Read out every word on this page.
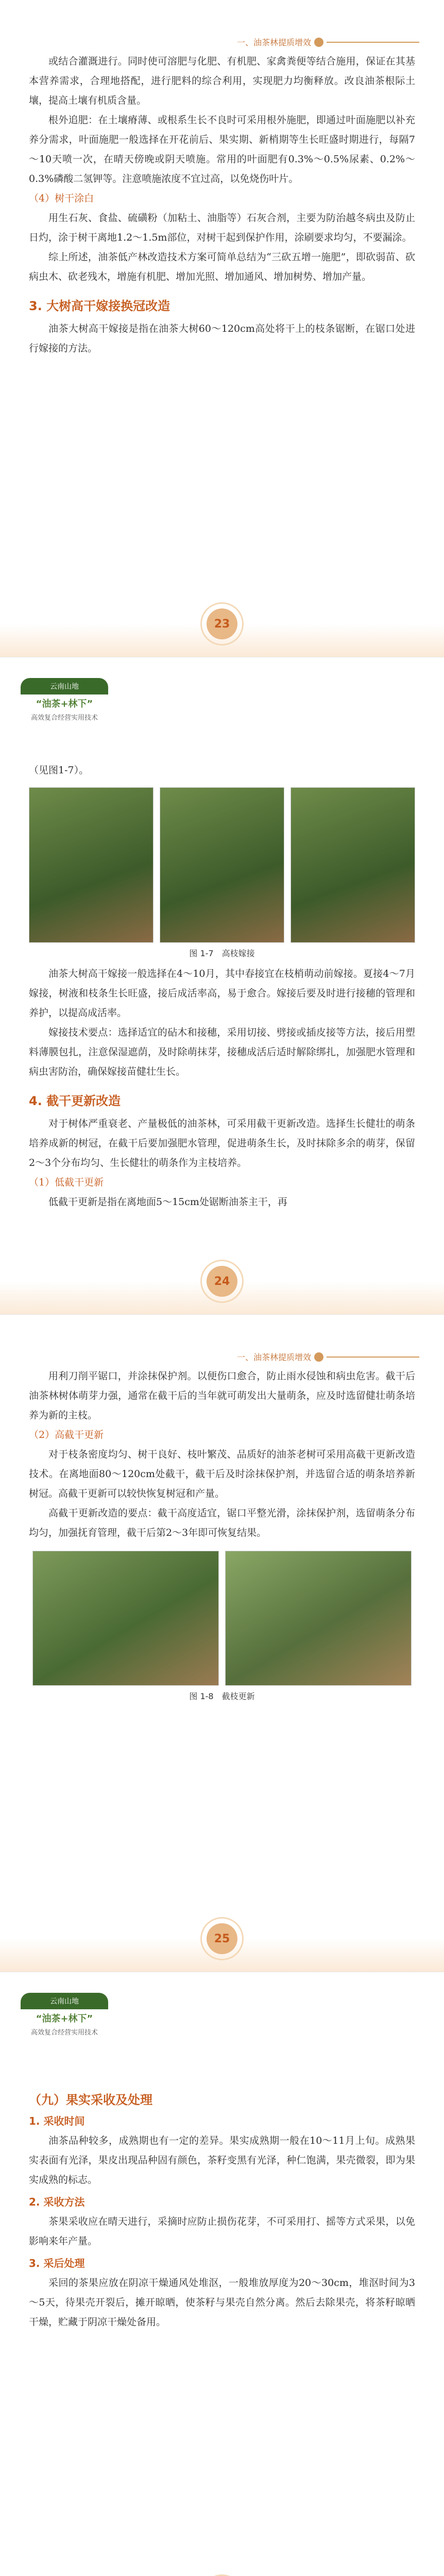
一、油茶林提质增效

或结合灌溉进行。同时使可溶肥与化肥、有机肥、家禽粪便等结合施用，保证在其基本营养需求，合理地搭配，进行肥料的综合利用，实现肥力均衡释放。改良油茶根际土壤，提高土壤有机质含量。

根外追肥：在土壤瘠薄、或根系生长不良时可采用根外施肥，即通过叶面施肥以补充养分需求，叶面施肥一般选择在开花前后、果实期、新梢期等生长旺盛时期进行，每隔7～10天喷一次，在晴天傍晚或阴天喷施。常用的叶面肥有0.3%～0.5%尿素、0.2%～0.3%磷酸二氢钾等。注意喷施浓度不宜过高，以免烧伤叶片。

（4）树干涂白

用生石灰、食盐、硫磺粉（加粘土、油脂等）石灰合剂，主要为防治越冬病虫及防止日灼，涂于树干离地1.2～1.5m部位，对树干起到保护作用，涂刷要求均匀，不要漏涂。

综上所述，油茶低产林改造技术方案可简单总结为“三砍五增一施肥”，即砍弱苗、砍病虫木、砍老残木，增施有机肥、增加光照、增加通风、增加树势、增加产量。

3. 大树高干嫁接换冠改造

油茶大树高干嫁接是指在油茶大树60～120cm高处将干上的枝条锯断，在锯口处进行嫁接的方法。

23
云南山地
“油茶+林下”
高效复合经营实用技术

（见图1-7）。

图 1-7　高枝嫁接

油茶大树高干嫁接一般选择在4～10月，其中春接宜在枝梢萌动前嫁接。夏接4～7月嫁接，树液和枝条生长旺盛，接后成活率高，易于愈合。嫁接后要及时进行接穗的管理和养护，以提高成活率。

嫁接技术要点：选择适宜的砧木和接穗，采用切接、劈接或插皮接等方法，接后用塑料薄膜包扎，注意保湿遮荫，及时除萌抹芽，接穗成活后适时解除绑扎，加强肥水管理和病虫害防治，确保嫁接苗健壮生长。

4. 截干更新改造

对于树体严重衰老、产量极低的油茶林，可采用截干更新改造。选择生长健壮的萌条培养成新的树冠，在截干后要加强肥水管理，促进萌条生长，及时抹除多余的萌芽，保留2～3个分布均匀、生长健壮的萌条作为主枝培养。

（1）低截干更新

低截干更新是指在离地面5～15cm处锯断油茶主干，再

24
一、油茶林提质增效

用利刀削平锯口，并涂抹保护剂。以便伤口愈合，防止雨水侵蚀和病虫危害。截干后油茶林树体萌芽力强，通常在截干后的当年就可萌发出大量萌条，应及时选留健壮萌条培养为新的主枝。

（2）高截干更新

对于枝条密度均匀、树干良好、枝叶繁茂、品质好的油茶老树可采用高截干更新改造技术。在离地面80～120cm处截干，截干后及时涂抹保护剂，并选留合适的萌条培养新树冠。高截干更新可以较快恢复树冠和产量。

高截干更新改造的要点：截干高度适宜，锯口平整光滑，涂抹保护剂，选留萌条分布均匀，加强抚育管理，截干后第2～3年即可恢复结果。

图 1-8　截枝更新
25
云南山地
“油茶+林下”
高效复合经营实用技术
（九）果实采收及处理
1. 采收时间

油茶品种较多，成熟期也有一定的差异。果实成熟期一般在10～11月上旬。成熟果实表面有光泽，果皮出现品种固有颜色，茶籽变黑有光泽，种仁饱满，果壳微裂，即为果实成熟的标志。

2. 采收方法

茶果采收应在晴天进行，采摘时应防止损伤花芽，不可采用打、摇等方式采果，以免影响来年产量。

3. 采后处理

采回的茶果应放在阴凉干燥通风处堆沤，一般堆放厚度为20～30cm，堆沤时间为3～5天，待果壳开裂后，摊开晾晒，使茶籽与果壳自然分离。然后去除果壳，将茶籽晾晒干燥，贮藏于阴凉干燥处备用。
